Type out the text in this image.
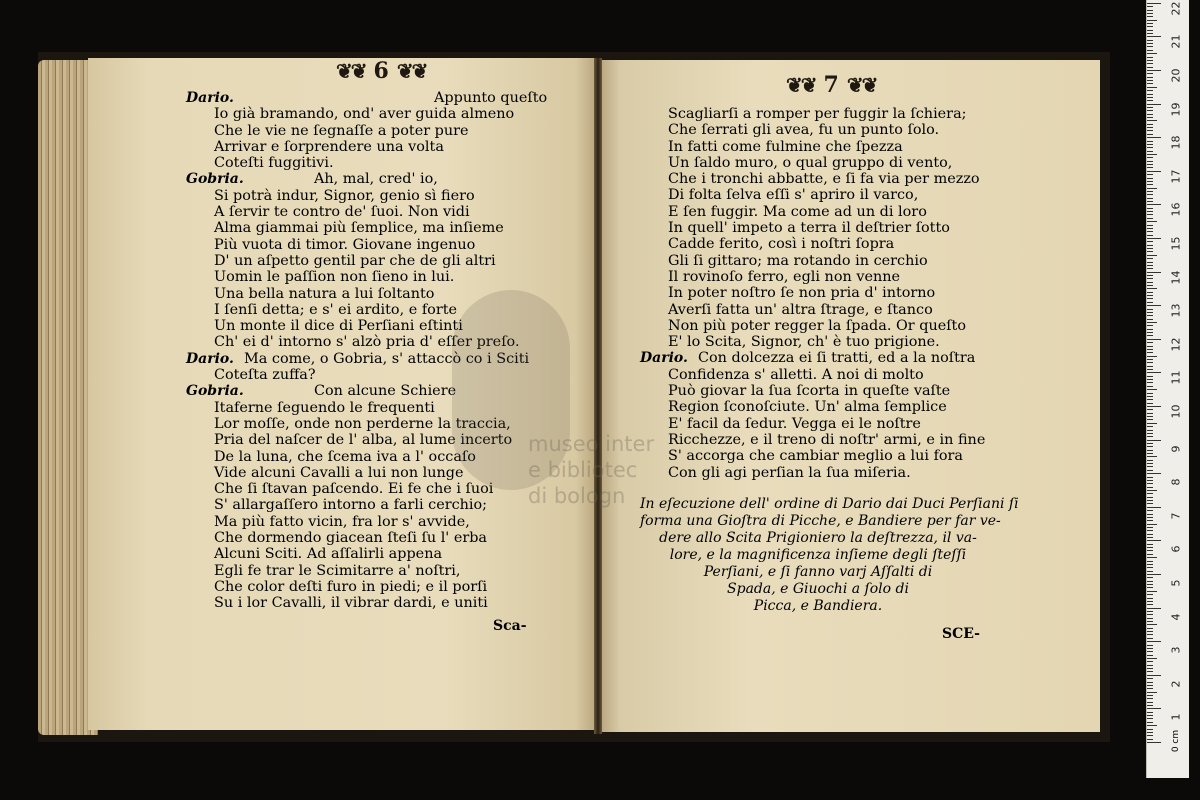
❦❦ 6 ❦❦
❦❦ 7 ❦❦
Dario.	Appunto queſto
Io già bramando, ond' aver guida almeno
Che le vie ne ſegnaſſe a poter pure
Arrivar e ſorprendere una volta
Coteſti fuggitivi.
Gobria.	Ah, mal, cred' io,
Si potrà indur, Signor, genio sì fiero
A ſervir te contro de' ſuoi. Non vidi
Alma giammai più ſemplice, ma inſieme
Più vuota di timor. Giovane ingenuo
D' un aſpetto gentil par che de gli altri
Uomin le paſſion non ſieno in lui.
Una bella natura a lui ſoltanto
I ſenſi detta; e s' ei ardito, e forte
Un monte il dice di Perſiani eſtinti
Ch' ei d' intorno s' alzò pria d' eſſer preſo.
Dario. Ma come, o Gobria, s' attaccò co i Sciti
Coteſta zuffa?
Gobria.	Con alcune Schiere
Itaferne ſeguendo le frequenti
Lor moſſe, onde non perderne la traccia,
Pria del naſcer de l' alba, al lume incerto
De la luna, che ſcema iva a l' occaſo
Vide alcuni Cavalli a lui non lunge
Che ſi ſtavan paſcendo. Ei fe che i ſuoi
S' allargaſſero intorno a farli cerchio;
Ma più fatto vicin, fra lor s' avvide,
Che dormendo giacean ſteſi ſu l' erba
Alcuni Sciti. Ad aſſalirli appena
Egli fe trar le Scimitarre a' noſtri,
Che color deſti furo in piedi; e il porſi
Su i lor Cavalli, il vibrar dardi, e uniti
Sca-
Scagliarſi a romper per fuggir la ſchiera;
Che ſerrati gli avea, fu un punto ſolo.
In fatti come fulmine che ſpezza
Un ſaldo muro, o qual gruppo di vento,
Che i tronchi abbatte, e ſi fa via per mezzo
Di folta ſelva eſſi s' apriro il varco,
E ſen fuggir. Ma come ad un di loro
In quell' impeto a terra il deſtrier ſotto
Cadde ferito, così i noſtri ſopra
Gli ſi gittaro; ma rotando in cerchio
Il rovinoſo ferro, egli non venne
In poter noſtro ſe non pria d' intorno
Averſi fatta un' altra ſtrage, e ſtanco
Non più poter regger la ſpada. Or queſto
E' lo Scita, Signor, ch' è tuo prigione.
Dario. Con dolcezza ei ſi tratti, ed a la noſtra
Confidenza s' alletti. A noi di molto
Può giovar la ſua ſcorta in queſte vaſte
Region ſconoſciute. Un' alma ſemplice
E' facil da ſedur. Vegga ei le noſtre
Ricchezze, e il treno di noſtr' armi, e in fine
S' accorga che cambiar meglio a lui fora
Con gli agi perſian la ſua miſeria.
In eſecuzione dell' ordine di Dario dai Duci Perſiani ſi
forma una Gioſtra di Picche, e Bandiere per far ve-
dere allo Scita Prigioniero la deſtrezza, il va-
lore, e la magnificenza inſieme degli ſteſſi
Perſiani, e ſi fanno varj Aſſalti di
Spada, e Giuochi a ſolo di
Picca, e Bandiera.
SCE-
museo inter
e bibliotec
di bologn
0 cm
1
2
3
4
5
6
7
8
9
10
11
12
13
14
15
16
17
18
19
20
21
22
